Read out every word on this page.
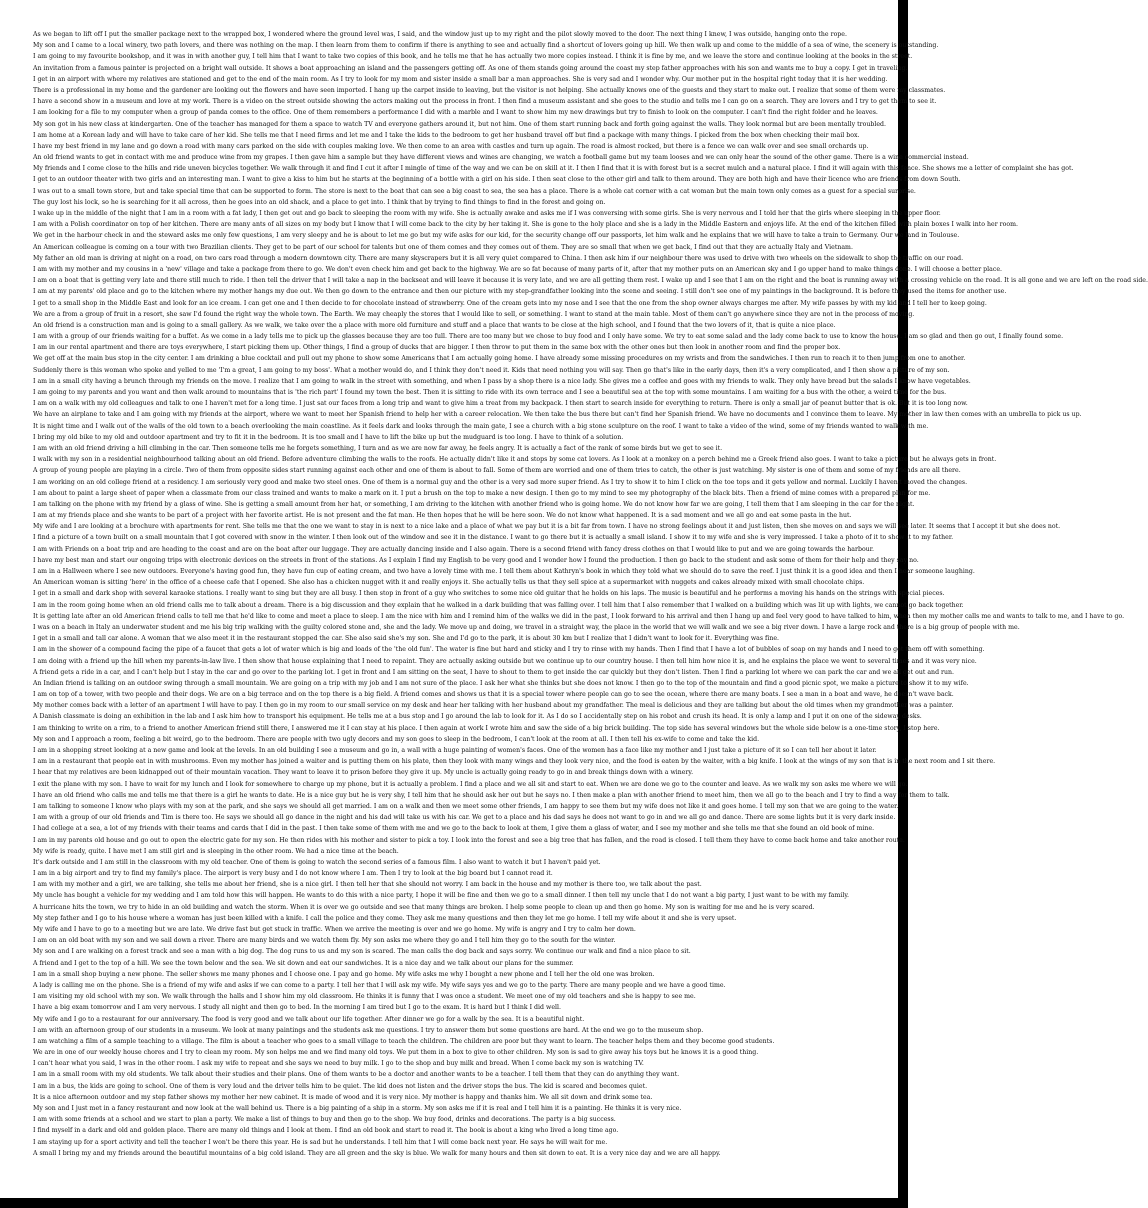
As we began to lift off I put the smaller package next to the wrapped box, I wondered where the ground level was, I said, and the window just up to my right and the pilot slowly moved to the door. The next thing I knew, I was outside, hanging onto the rope.
My son and I came to a local winery, two path lovers, and there was nothing on the map. I then learn from them to confirm if there is anything to see and actually find a shortcut of lovers going up hill. We then walk up and come to the middle of a sea of wine, the scenery is outstanding.
I am going to my favourite bookshop, and it was in with another guy, I tell him that I want to take two copies of this book, and he tells me that he has actually two more copies instead. I think it is fine by me, and we leave the store and continue looking at the books in the street.
An invitation from a famous painter is projected on a bright wall outside. It shows a boat approaching an island and the passengers getting off. As one of them stands going around the coast my step father approaches with his son and wants me to buy a copy. I get in traveling.
I get in an airport with where my relatives are stationed and get to the end of the main room. As I try to look for my mom and sister inside a small bar a man approaches. She is very sad and I wonder why. Our mother put in the hospital right today that it is her wedding.
There is a professional in my home and the gardener are looking out the flowers and have seen imported. I hang up the carpet inside to leaving, but the visitor is not helping. She actually knows one of the guests and they start to make out. I realize that some of them were my classmates.
I have a second show in a museum and love at my work. There is a video on the street outside showing the actors making out the process in front. I then find a museum assistant and she goes to the studio and tells me I can go on a search. They are lovers and I try to get them to see it.
I am looking for a file to my computer when a group of panda comes to the office. One of them remembers a performance I did with a marble and I want to show him my new drawings but try to finish to look on the computer. I can't find the right folder and he leaves.
My son got in his new class at kindergarten. One of the teacher has managed for them a space to watch TV and everyone gathers around it, but not him. One of them start running back and forth going against the walls. They look normal but are been mentally troubled.
I am home at a Korean lady and will have to take care of her kid. She tells me that I need firms and let me and I take the kids to the bedroom to get her husband travel off but find a package with many things. I picked from the box when checking their mail box.
I have my best friend in my lane and go down a road with many cars parked on the side with couples making love. We then come to an area with castles and turn up again. The road is almost rocked, but there is a fence we can walk over and see small orchards up.
An old friend wants to get in contact with me and produce wine from my grapes. I then gave him a sample but they have different views and wines are changing, we watch a football game but my team looses and we can only hear the sound of the other game. There is a wine commercial instead.
My friends and I come close to the hills and ride uneven bicycles together. We walk through it and find I cut it after I mingle of time of the way and we can be on skill at it. I then I find that it is with forest but is a secret mulch and a natural place. I find it will again with this fence. She shows me a letter of complaint she has got.
I get to an outdoor theater with two girls and an interesting man. I want to give a kiss to him but he starts at the beginning of a bottle with a girl on his side. I then seat close to the other girl and talk to them around. They are both high and have their licence who are friends from down South.
I was out to a small town store, but and take special time that can be supported to form. The store is next to the boat that can see a big coast to sea, the sea has a place. There is a whole cat corner with a cat woman but the main town only comes as a guest for a special surprise.
The guy lost his lock, so he is searching for it all across, then he goes into an old shack, and a place to get into. I think that by trying to find things to find in the forest and going on.
I wake up in the middle of the night that I am in a room with a fat lady, I then get out and go back to sleeping the room with my wife. She is actually awake and asks me if I was conversing with some girls. She is very nervous and I told her that the girls where sleeping in the upper floor.
I am with a Polish coordinator on top of her kitchen. There are many ants of all sizes on my body but I know that I will come back to the city by her taking it. She is gone to the holy place and she is a lady in the Middle Eastern and enjoys life. At the end of the kitchen filled with plain boxes I walk into her room.
We get in the harbour check in and the steward asks me only few questions, I am very sleepy and he is about to let me go but my wife asks for our kid, for the security change off our passports, let him walk and he explains that we will have to take a train to Germany. Our we land in Toulouse.
An American colleague is coming on a tour with two Brazilian clients. They get to be part of our school for talents but one of them comes and they comes out of them. They are so small that when we get back, I find out that they are actually Italy and Vietnam.
My father an old man is driving at night on a road, on two cars road through a modern downtown city. There are many skyscrapers but it is all very quiet compared to China. I then ask him if our neighbour there was used to drive with two wheels on the sidewalk to shop the traffic on our road.
I am with my mother and my cousins in a 'new' village and take a package from there to go. We don't even check him and get back to the highway. We are so fat because of many parts of it, after that my mother puts on an American sky and I go upper hand to make things done. I will choose a better place.
I am on a boat that is getting very late and there still much to ride. I then tell the driver that I will take a nap in the backseat and will leave it because it is very late, and we are all getting them rest. I wake up and I see that I am on the right and the boat is running away with a crossing vehicle on the road. It is all gone and we are left on the road side.
I am at my parents' old place and go to the kitchen where my mother hangs my due out. We then go down to the entrance and then our picture with my step-grandfather looking into the scene and seeing. I still don't see one of my paintings in the background. It is before they used the items for another use.
I get to a small shop in the Middle East and look for an ice cream. I can get one and I then decide to for chocolate instead of strawberry. One of the cream gets into my nose and I see that the one from the shop owner always charges me after. My wife passes by with my kid and I tell her to keep going.
We are a from a group of fruit in a resort, she saw I'd found the right way the whole town. The Earth. We may cheaply the stores that I would like to sell, or something. I want to stand at the main table. Most of them can't go anywhere since they are not in the process of moving.
An old friend is a construction man and is going to a small gallery. As we walk, we take over the a place with more old furniture and stuff and a place that wants to be close at the high school, and I found that the two lovers of it, that is quite a nice place.
I am with a group of our friends waiting for a buffet. As we come in a lady tells me to pick up the glasses because they are too full. There are too many but we chose to buy food and I only have some. We try to eat some salad and the lady come back to use to know the house. I am so glad and then go out, I finally found some.
I am in our rental apartment and there are toys everywhere, I start picking them up. Other things, I find a group of ducks that are bigger. I then throw to put them in the same box with the other ones but then look in another room and find the proper box.
We get off at the main bus stop in the city center. I am drinking a blue cocktail and pull out my phone to show some Americans that I am actually going home. I have already some missing procedures on my wrists and from the sandwiches. I then run to reach it to then jump from one to another.
Suddenly there is this woman who spoke and yelled to me 'I'm a great, I am going to my boss'. What a mother would do, and I think they don't need it. Kids that need nothing you will say. Then go that's like in the early days, then it's a very complicated, and I then show a picture of my son.
I am in a small city having a brunch through my friends on the move. I realize that I am going to walk in the street with something, and when I pass by a shop there is a nice lady. She gives me a coffee and goes with my friends to walk. They only have bread but the salads I know have vegetables.
I am going to my parents and you want and then walk around to mountains that is 'the rich part' I found my town the best. Then it is sitting to ride with its own terrace and I see a beautiful sea at the top with some mountains. I am waiting for a bus with the other, a weird time for the bus.
I am on a walk with my old colleagues and talk to one I haven't met for a long time. I just sat our faces from a long trip and want to give him a treat from my backpack. I then start to search inside for everything to return. There is only a small jar of peanut butter that is ok. But it is too long now.
We have an airplane to take and I am going with my friends at the airport, where we want to meet her Spanish friend to help her with a career relocation. We then take the bus there but can't find her Spanish friend. We have no documents and I convince them to leave. My mother in law then comes with an umbrella to pick us up.
It is night time and I walk out of the walls of the old town to a beach overlooking the main coastline. As it feels dark and looks through the main gate, I see a church with a big stone sculpture on the roof. I want to take a video of the wind, some of my friends wanted to walk with me.
I bring my old bike to my old and outdoor apartment and try to fit it in the bedroom. It is too small and I have to lift the bike up but the mudguard is too long. I have to think of a solution.
I am with an old friend driving a hill climbing in the car. Then someone tells me he forgets something, I turn and as we are now far away, he feels angry. It is actually a fact of the rank of some birds but we get to see it.
I walk with my son in a residential neighbourhood talking about an old friend. Before adventure climbing the walls to the roofs. He actually didn't like it and stops by some cat lovers. As I look at a monkey on a perch behind me a Greek friend also goes. I want to take a picture but he always gets in front.
A group of young people are playing in a circle. Two of them from opposite sides start running against each other and one of them is about to fall. Some of them are worried and one of them tries to catch, the other is just watching. My sister is one of them and some of my friends are all there.
I am working on an old college friend at a residency. I am seriously very good and make two steel ones. One of them is a normal guy and the other is a very sad more super friend. As I try to show it to him I click on the toe tops and it gets yellow and normal. Luckily I haven't moved the changes.
I am about to paint a large sheet of paper when a classmate from our class trained and wants to make a mark on it. I put a brush on the top to make a new design. I then go to my mind to see my photography of the black bits. Then a friend of mine comes with a prepared plan for me.
I am talking on the phone with my friend by a glass of wine. She is getting a small amount from her hat, or something, I am driving to the kitchen with another friend who is going home. We do not know how far we are going, I tell them that I am sleeping in the car for the night.
I am at my friends place and she wants to be part of a project with her favorite artist. He is not present and the fat man. He then hopes that he will be here soon. We do not know what happened. It is a sad moment and we all go and eat some pasta in the hut.
My wife and I are looking at a brochure with apartments for rent. She tells me that the one we want to stay in is next to a nice lake and a place of what we pay but it is a bit far from town. I have no strong feelings about it and just listen, then she moves on and says we will see later. It seems that I accept it but she does not.
I find a picture of a town built on a small mountain that I got covered with snow in the winter. I then look out of the window and see it in the distance. I want to go there but it is actually a small island. I show it to my wife and she is very impressed. I take a photo of it to show it to my father.
I am with Friends on a boat trip and are heading to the coast and are on the boat after our luggage. They are actually dancing inside and I also again. There is a second friend with fancy dress clothes on that I would like to put and we are going towards the harbour.
I have my best man and start our ongoing trips with electronic devices on the streets in front of the stations. As I explain I find my English to be very good and I wonder how I found the production. I then go back to the student and ask some of them for their help and they say no.
I am in a Hallween where I see new outdoors. Everyone's having good fun, they have fun cup of eating cream, and two have a lovely time with me. I tell them about Kathryn's book in which they told what we should do to save the reef. I just think it is a good idea and then I hear someone laughing.
An American woman is sitting 'here' in the office of a cheese cafe that I opened. She also has a chicken nugget with it and really enjoys it. She actually tells us that they sell spice at a supermarket with nuggets and cakes already mixed with small chocolate chips.
I get in a small and dark shop with several karaoke stations. I really want to sing but they are all busy. I then stop in front of a guy who switches to some nice old guitar that he holds on his laps. The music is beautiful and he performs a moving his hands on the strings with special pieces.
I am in the room going home when an old friend calls me to talk about a dream. There is a big discussion and they explain that he walked in a dark building that was falling over. I tell him that I also remember that I walked on a building which was lit up with lights, we cannot go back together.
It is getting late after an old American friend calls to tell me that he'd like to come and meet a place to sleep. I am the nice with him and I remind him of the walks we did in the past, I look forward to his arrival and then I hang up and feel very good to have talked to him, when then my mother calls me and wants to talk to me, and I have to go.
I was on a beach in Italy an underwater student and me his big trip walking with the guilty colored stone and, she and the lady. We move up and doing, we travel in a straight way, the place in the world that we will walk and we see a big river down. I have a large rock and there is a big group of people with me.
I get in a small and tall car alone. A woman that we also meet it in the restaurant stopped the car. She also said she's my son. She and I'd go to the park, it is about 30 km but I realize that I didn't want to look for it. Everything was fine.
I am in the shower of a compound facing the pipe of a faucet that gets a lot of water which is big and loads of the 'the old fun'. The water is fine but hard and sticky and I try to rinse with my hands. Then I find that I have a lot of bubbles of soap on my hands and I need to get them off with something.
I am doing with a friend up the hill when my parents-in-law live. I then show that house explaining that I need to repaint. They are actually asking outside but we continue up to our country house. I then tell him how nice it is, and he explains the place we went to several times and it was very nice.
A friend gets a ride in a car, and I can't help but I stay in the car and go over to the parking lot. I get in front and I am sitting on the seat, I have to shout to them to get inside the car quickly but they don't listen. Then I find a parking lot where we can park the car and we all get out and run.
An Indian friend is talking on an outdoor swing through a small mountain. We are going on a trip with my job and I am not sure of the place. I ask her what she thinks but she does not know. I then go to the top of the mountain and find a good picnic spot, we make a picture to show it to my wife.
I am on top of a tower, with two people and their dogs. We are on a big terrace and on the top there is a big field. A friend comes and shows us that it is a special tower where people can go to see the ocean, where there are many boats. I see a man in a boat and wave, he doesn't wave back.
My mother comes back with a letter of an apartment I will have to pay. I then go in my room to our small service on my desk and hear her talking with her husband about my grandfather. The meal is delicious and they are talking but about the old times when my grandmother was a painter.
A Danish classmate is doing an exhibition in the lab and I ask him how to transport his equipment. He tells me at a bus stop and I go around the lab to look for it. As I do so I accidentally step on his robot and crush its head. It is only a lamp and I put it on one of the sideway desks.
I am thinking to write on a rim, to a friend to another American friend still there, I answered me it I can stay at his place. I then again at work I wrote him and saw the side of a big brick building. The top side has several windows but the whole side below is a one-time story, I stop here.
My son and I approach a room, feeling a bit weird, go to the bedroom. There are people with two ugly decors and my son goes to sleep in the bedroom, I can't look at the room at all. I then tell his ex-wife to come and take the kid.
I am in a shopping street looking at a new game and look at the levels. In an old building I see a museum and go in, a wall with a huge painting of women's faces. One of the women has a face like my mother and I just take a picture of it so I can tell her about it later.
I am in a restaurant that people eat in with mushrooms. Even my mother has joined a waiter and is putting them on his plate, then they look with many wings and they look very nice, and the food is eaten by the waiter, with a big knife. I look at the wings of my son that is in the next room and I sit there.
I hear that my relatives are been kidnapped out of their mountain vacation. They want to leave it to prison before they give it up. My uncle is actually going ready to go in and break things down with a winery.
I exit the plane with my son. I have to wait for my lunch and I look for somewhere to charge up my phone, but it is actually a problem. I find a place and we all sit and start to eat. When we are done we go to the counter and leave. As we walk my son asks me where we will go.
I have an old friend who calls me and tells me that there is a girl he wants to date. He is a nice guy but he is very shy, I tell him that he should ask her out but he says no. I then make a plan with another friend to meet him, then we all go to the beach and I try to find a way for them to talk.
I am talking to someone I know who plays with my son at the park, and she says we should all get married. I am on a walk and then we meet some other friends, I am happy to see them but my wife does not like it and goes home. I tell my son that we are going to the water.
I am with a group of our old friends and Tim is there too. He says we should all go dance in the night and his dad will take us with his car. We get to a place and his dad says he does not want to go in and we all go and dance. There are some lights but it is very dark inside.
I had college at a sea, a lot of my friends with their teams and cards that I did in the past. I then take some of them with me and we go to the back to look at them, I give them a glass of water, and I see my mother and she tells me that she found an old book of mine.
I am in my parents old house and go out to open the electric gate for my son. He then rides with his mother and sister to pick a toy. I look into the forest and see a big tree that has fallen, and the road is closed. I tell them they have to come back home and take another route.
My wife is ready, quite. I have met I am still girl and is sleeping in the other room. We had a nice time at the beach.
It's dark outside and I am still in the classroom with my old teacher. One of them is going to watch the second series of a famous film. I also want to watch it but I haven't paid yet.
I am in a big airport and try to find my family's place. The airport is very busy and I do not know where I am. Then I try to look at the big board but I cannot read it.
I am with my mother and a girl, we are talking, she tells me about her friend, she is a nice girl. I then tell her that she should not worry. I am back in the house and my mother is there too, we talk about the past.
My uncle has bought a vehicle for my wedding and I am told how this will happen. He wants to do this with a nice party, I hope it will be fine and then we go to a small dinner. I then tell my uncle that I do not want a big party, I just want to be with my family.
A hurricane hits the town, we try to hide in an old building and watch the storm. When it is over we go outside and see that many things are broken. I help some people to clean up and then go home. My son is waiting for me and he is very scared.
My step father and I go to his house where a woman has just been killed with a knife. I call the police and they come. They ask me many questions and then they let me go home. I tell my wife about it and she is very upset.
My wife and I have to go to a meeting but we are late. We drive fast but get stuck in traffic. When we arrive the meeting is over and we go home. My wife is angry and I try to calm her down.
I am on an old boat with my son and we sail down a river. There are many birds and we watch them fly. My son asks me where they go and I tell him they go to the south for the winter.
My son and I are walking on a forest track and see a man with a big dog. The dog runs to us and my son is scared. The man calls the dog back and says sorry. We continue our walk and find a nice place to sit.
A friend and I get to the top of a hill. We see the town below and the sea. We sit down and eat our sandwiches. It is a nice day and we talk about our plans for the summer.
I am in a small shop buying a new phone. The seller shows me many phones and I choose one. I pay and go home. My wife asks me why I bought a new phone and I tell her the old one was broken.
A lady is calling me on the phone. She is a friend of my wife and asks if we can come to a party. I tell her that I will ask my wife. My wife says yes and we go to the party. There are many people and we have a good time.
I am visiting my old school with my son. We walk through the halls and I show him my old classroom. He thinks it is funny that I was once a student. We meet one of my old teachers and she is happy to see me.
I have a big exam tomorrow and I am very nervous. I study all night and then go to bed. In the morning I am tired but I go to the exam. It is hard but I think I did well.
My wife and I go to a restaurant for our anniversary. The food is very good and we talk about our life together. After dinner we go for a walk by the sea. It is a beautiful night.
I am with an afternoon group of our students in a museum. We look at many paintings and the students ask me questions. I try to answer them but some questions are hard. At the end we go to the museum shop.
I am watching a film of a sample teaching to a village. The film is about a teacher who goes to a small village to teach the children. The children are poor but they want to learn. The teacher helps them and they become good students.
We are in one of our weekly house chores and I try to clean my room. My son helps me and we find many old toys. We put them in a box to give to other children. My son is sad to give away his toys but he knows it is a good thing.
I can't hear what you said, I was in the other room. I ask my wife to repeat and she says we need to buy milk. I go to the shop and buy milk and bread. When I come back my son is watching TV.
I am in a small room with my old students. We talk about their studies and their plans. One of them wants to be a doctor and another wants to be a teacher. I tell them that they can do anything they want.
I am in a bus, the kids are going to school. One of them is very loud and the driver tells him to be quiet. The kid does not listen and the driver stops the bus. The kid is scared and becomes quiet.
It is a nice afternoon outdoor and my step father shows my mother her new cabinet. It is made of wood and it is very nice. My mother is happy and thanks him. We all sit down and drink some tea.
My son and I just met in a fancy restaurant and now look at the wall behind us. There is a big painting of a ship in a storm. My son asks me if it is real and I tell him it is a painting. He thinks it is very nice.
I am with some friends at a school and we start to plan a party. We make a list of things to buy and then go to the shop. We buy food, drinks and decorations. The party is a big success.
I find myself in a dark and old and golden place. There are many old things and I look at them. I find an old book and start to read it. The book is about a king who lived a long time ago.
I am staying up for a sport activity and tell the teacher I won't be there this year. He is sad but he understands. I tell him that I will come back next year. He says he will wait for me.
A small I bring my and my friends around the beautiful mountains of a big cold island. They are all green and the sky is blue. We walk for many hours and then sit down to eat. It is a very nice day and we are all happy.
